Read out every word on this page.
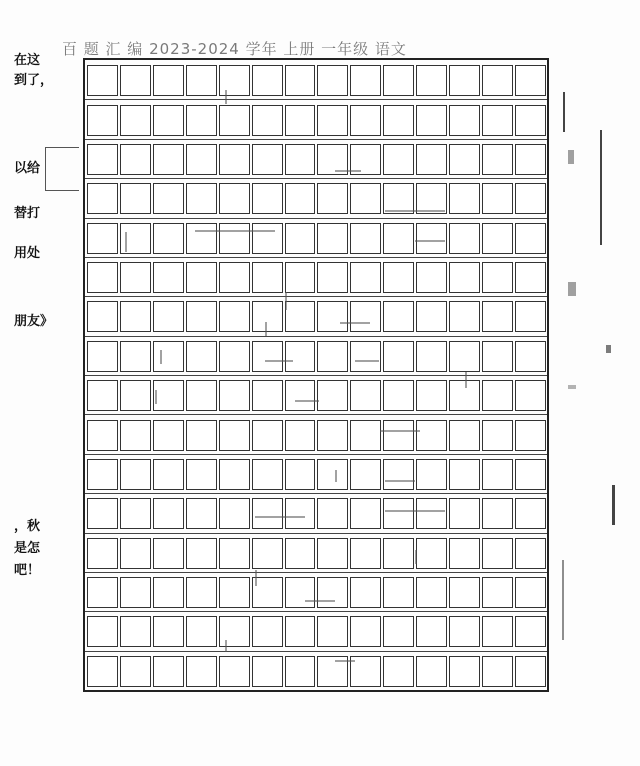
百 题 汇 编 2023-2024 学年 上册 一年级 语文
在这
到了，
以给
替打
用处
朋友》
，秋
是怎
吧！
